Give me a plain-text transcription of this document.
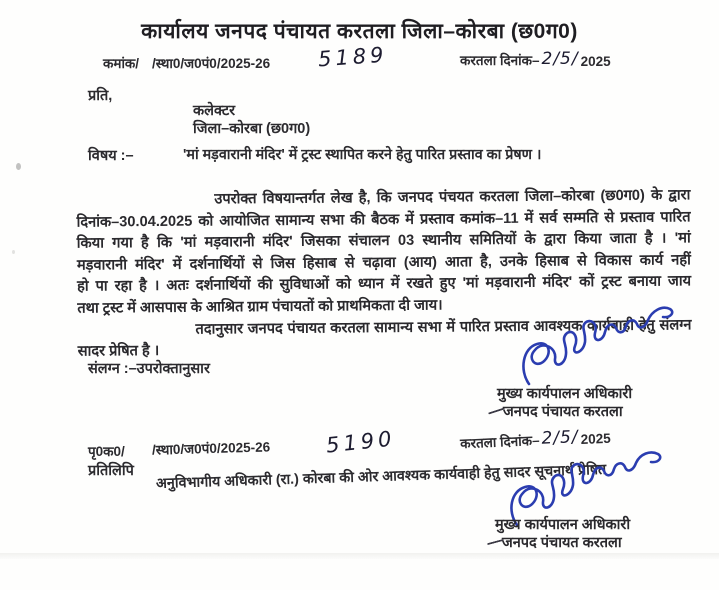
कार्यालय जनपद पंचायत करतला जिला–कोरबा (छ0ग0)
कमांक/ /स्था0/ज0पं0/2025-26 5189	करतला दिनांक– 2/5/ 2025
प्रति,
कलेक्टर
जिला–कोरबा (छ0ग0)
विषय :–	'मां मड़वारानी मंदिर' में ट्रस्ट स्थापित करने हेतु पारित प्रस्ताव का प्रेषण ।
उपरोक्त विषयान्तर्गत लेख है, कि जनपद पंचयत करतला जिला–कोरबा (छ0ग0) के द्वारा
दिनांक–30.04.2025 को आयोजित सामान्य सभा की बैठक में प्रस्ताव कमांक–11 में सर्व सम्मति से प्रस्ताव पारित
किया गया है कि 'मां मड़वारानी मंदिर' जिसका संचालन 03 स्थानीय समितियों के द्वारा किया जाता है । 'मां
मड़वारानी मंदिर' में दर्शनार्थियों से जिस हिसाब से चढ़ावा (आय) आता है, उनके हिसाब से विकास कार्य नहीं
हो पा रहा है । अतः दर्शनार्थियों की सुविधाओं को ध्यान में रखते हुए 'मां मड़वारानी मंदिर' कों ट्रस्ट बनाया जाय
तथा ट्रस्ट में आसपास के आश्रित ग्राम पंचायतों को प्राथमिकता दी जाय।
तदानुसार जनपद पंचायत करतला सामान्य सभा में पारित प्रस्ताव आवश्यक कार्यवाही हेतु संलग्न
सादर प्रेषित है ।
संलग्न :–उपरोक्तानुसार
मुख्य कार्यपालन अधिकारी
जनपद पंचायत करतला
पृ0क0/ /स्था0/ज0पं0/2025-26	5190	करतला दिनांक– 2/5/ 2025
प्रतिलिपि अनुविभागीय अधिकारी (रा.) कोरबा की ओर आवश्यक कार्यवाही हेतु सादर सूचनार्थ प्रेषित
मुख्य कार्यपालन अधिकारी
जनपद पंचायत करतला
